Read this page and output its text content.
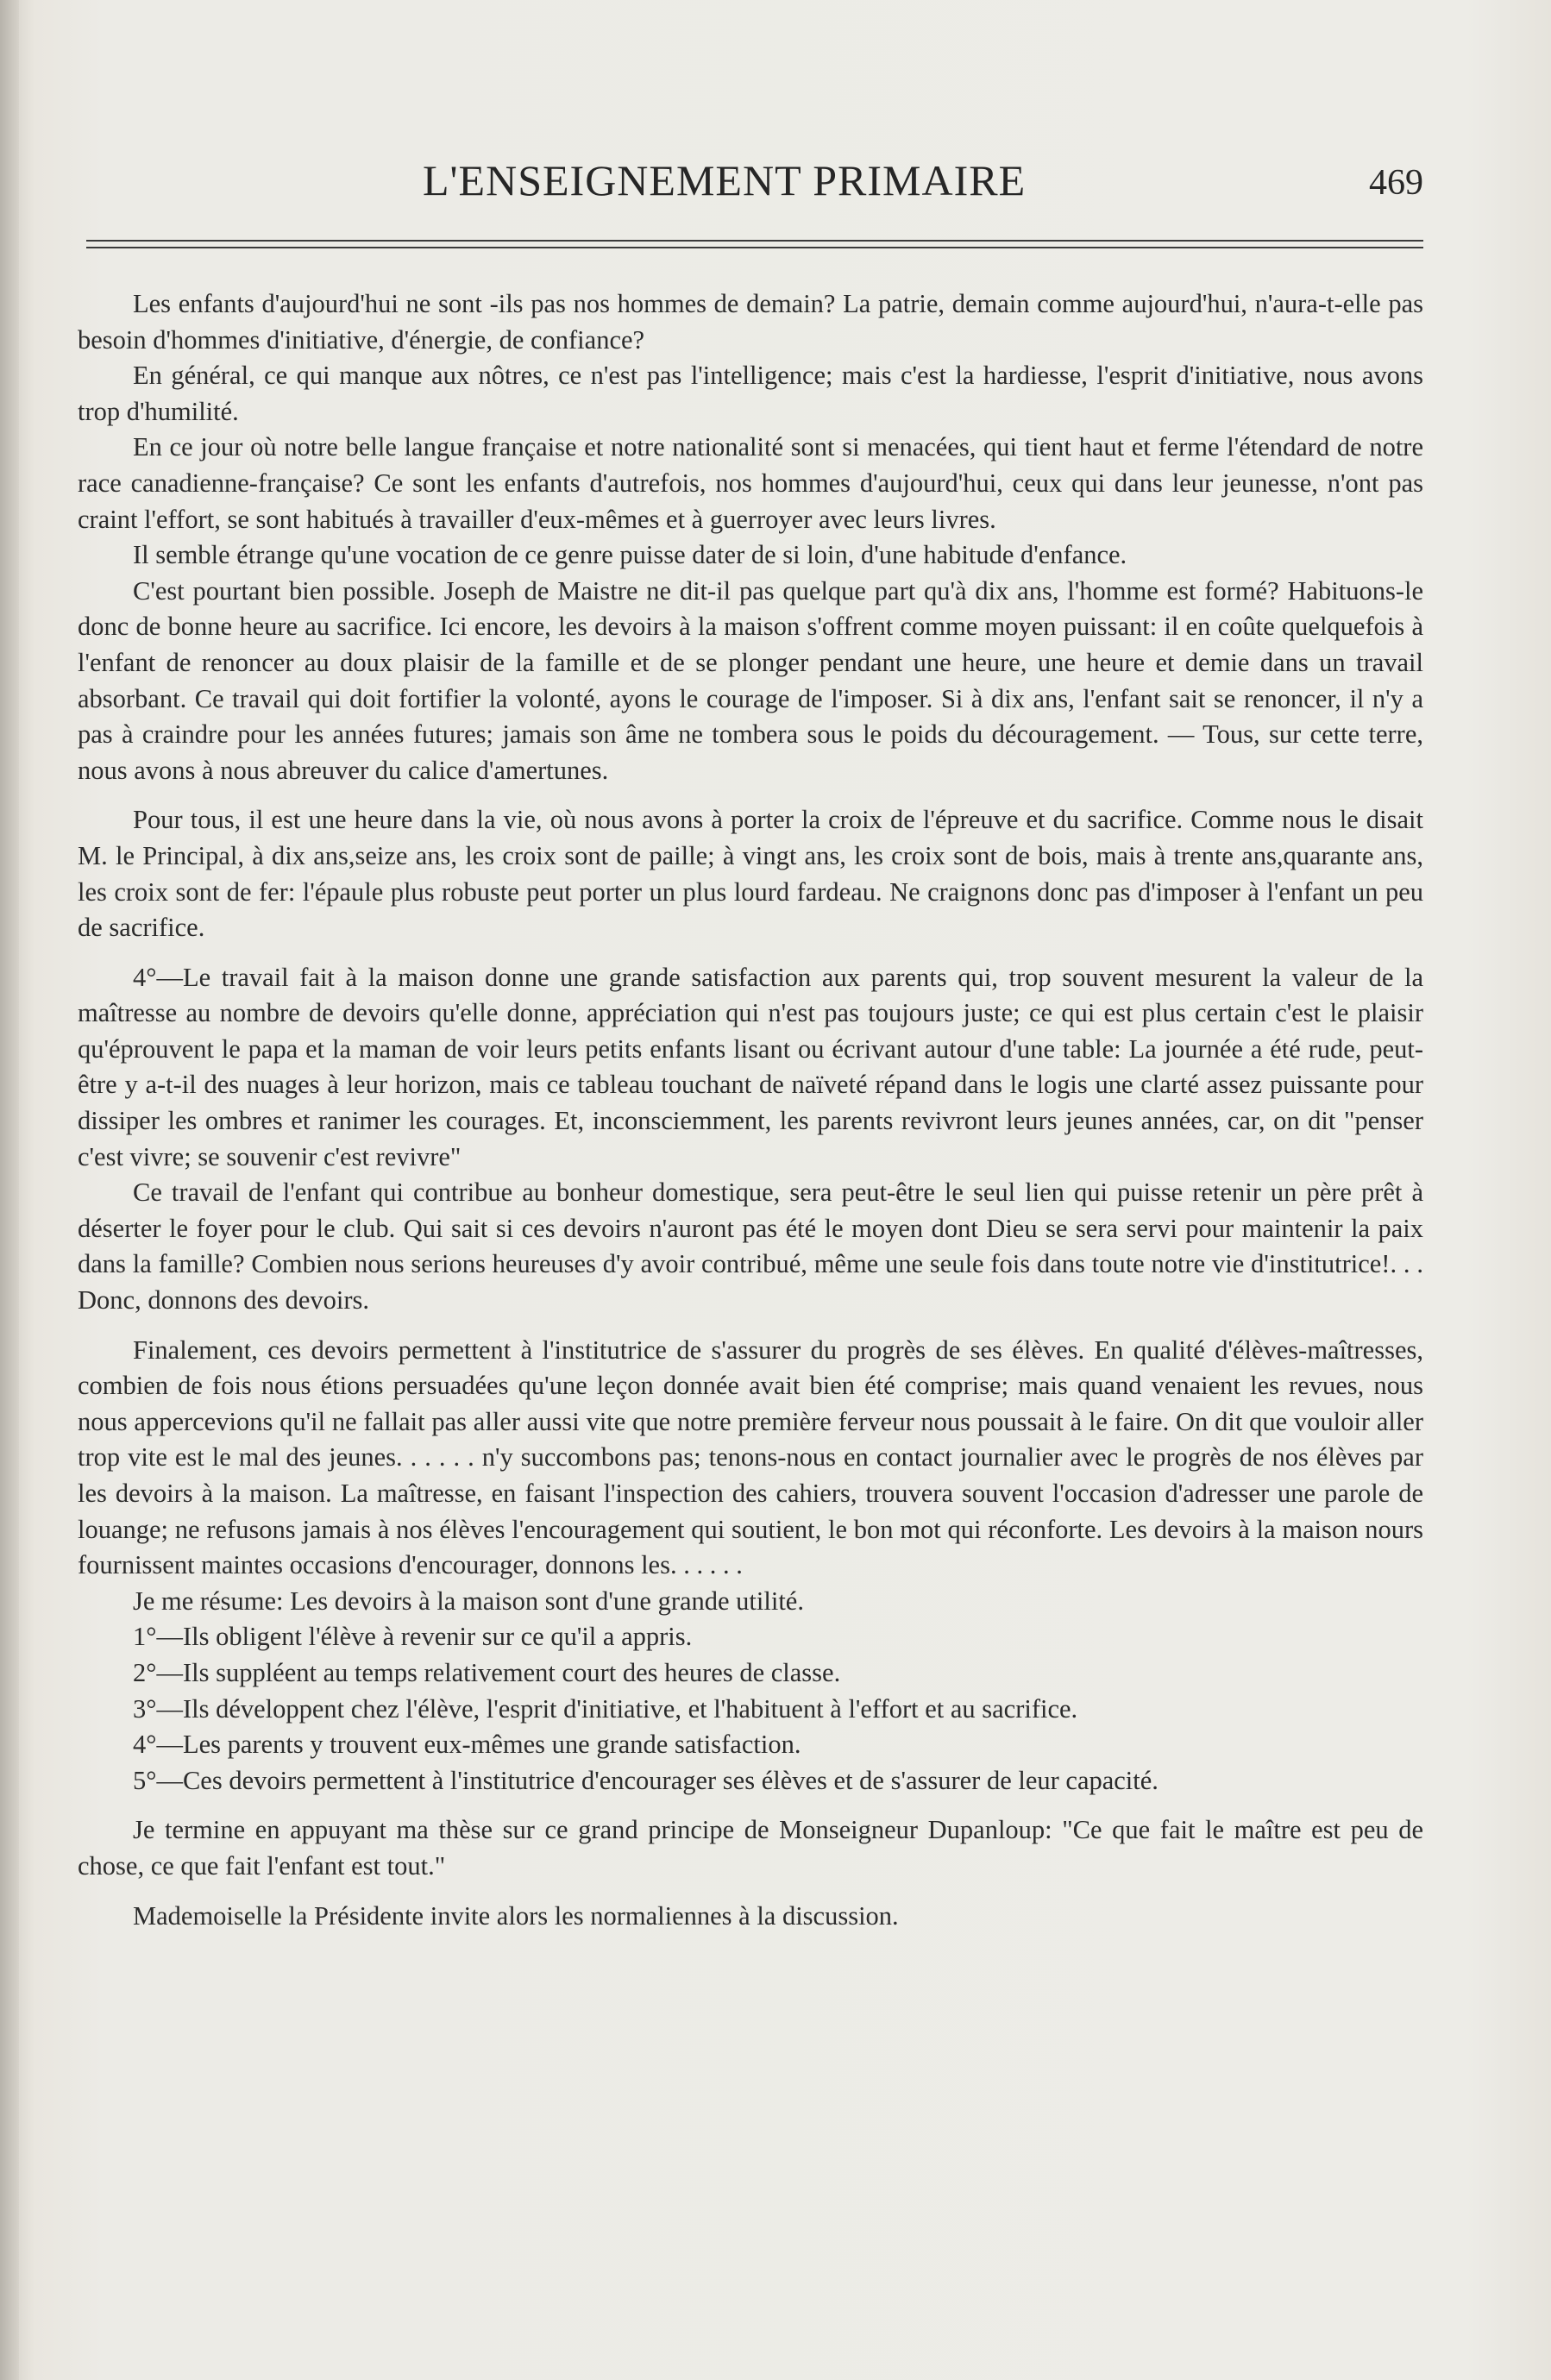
L'ENSEIGNEMENT PRIMAIRE	469

Les enfants d'aujourd'hui ne sont -ils pas nos hommes de demain? La patrie, demain comme aujourd'hui, n'aura-t-elle pas besoin d'hommes d'initiative, d'énergie, de confiance?

En général, ce qui manque aux nôtres, ce n'est pas l'intelligence; mais c'est la hardiesse, l'esprit d'initiative, nous avons trop d'humilité.

En ce jour où notre belle langue française et notre nationalité sont si menacées, qui tient haut et ferme l'étendard de notre race canadienne-française? Ce sont les enfants d'autrefois, nos hommes d'aujourd'hui, ceux qui dans leur jeunesse, n'ont pas craint l'effort, se sont habitués à travailler d'eux-mêmes et à guerroyer avec leurs livres.

Il semble étrange qu'une vocation de ce genre puisse dater de si loin, d'une habitude d'enfance.

C'est pourtant bien possible. Joseph de Maistre ne dit-il pas quelque part qu'à dix ans, l'homme est formé? Habituons-le donc de bonne heure au sacrifice. Ici encore, les devoirs à la maison s'offrent comme moyen puissant: il en coûte quelquefois à l'enfant de renoncer au doux plaisir de la famille et de se plonger pendant une heure, une heure et demie dans un travail absorbant. Ce travail qui doit fortifier la volonté, ayons le courage de l'imposer. Si à dix ans, l'enfant sait se renoncer, il n'y a pas à craindre pour les années futures; jamais son âme ne tombera sous le poids du découragement. — Tous, sur cette terre, nous avons à nous abreuver du calice d'amertunes.

Pour tous, il est une heure dans la vie, où nous avons à porter la croix de l'épreuve et du sacrifice. Comme nous le disait M. le Principal, à dix ans,seize ans, les croix sont de paille; à vingt ans, les croix sont de bois, mais à trente ans,quarante ans, les croix sont de fer: l'épaule plus robuste peut porter un plus lourd fardeau. Ne craignons donc pas d'imposer à l'enfant un peu de sacrifice.

4°—Le travail fait à la maison donne une grande satisfaction aux parents qui, trop souvent mesurent la valeur de la maîtresse au nombre de devoirs qu'elle donne, appréciation qui n'est pas toujours juste; ce qui est plus certain c'est le plaisir qu'éprouvent le papa et la maman de voir leurs petits enfants lisant ou écrivant autour d'une table: La journée a été rude, peut-être y a-t-il des nuages à leur horizon, mais ce tableau touchant de naïveté répand dans le logis une clarté assez puissante pour dissiper les ombres et ranimer les courages. Et, inconsciemment, les parents revivront leurs jeunes années, car, on dit "penser c'est vivre; se souvenir c'est revivre"

Ce travail de l'enfant qui contribue au bonheur domestique, sera peut-être le seul lien qui puisse retenir un père prêt à déserter le foyer pour le club. Qui sait si ces devoirs n'auront pas été le moyen dont Dieu se sera servi pour maintenir la paix dans la famille? Combien nous serions heureuses d'y avoir contribué, même une seule fois dans toute notre vie d'institutrice!. . . Donc, donnons des devoirs.

Finalement, ces devoirs permettent à l'institutrice de s'assurer du progrès de ses élèves. En qualité d'élèves-maîtresses, combien de fois nous étions persuadées qu'une leçon donnée avait bien été comprise; mais quand venaient les revues, nous nous appercevions qu'il ne fallait pas aller aussi vite que notre première ferveur nous poussait à le faire. On dit que vouloir aller trop vite est le mal des jeunes. . . . . . n'y succombons pas; tenons-nous en contact journalier avec le progrès de nos élèves par les devoirs à la maison. La maîtresse, en faisant l'inspection des cahiers, trouvera souvent l'occasion d'adresser une parole de louange; ne refusons jamais à nos élèves l'encouragement qui soutient, le bon mot qui réconforte. Les devoirs à la maison nours fournissent maintes occasions d'encourager, donnons les. . . . . .

Je me résume: Les devoirs à la maison sont d'une grande utilité.

1°—Ils obligent l'élève à revenir sur ce qu'il a appris.

2°—Ils suppléent au temps relativement court des heures de classe.

3°—Ils développent chez l'élève, l'esprit d'initiative, et l'habituent à l'effort et au sacrifice.

4°—Les parents y trouvent eux-mêmes une grande satisfaction.

5°—Ces devoirs permettent à l'institutrice d'encourager ses élèves et de s'assurer de leur capacité.

Je termine en appuyant ma thèse sur ce grand principe de Monseigneur Dupanloup: "Ce que fait le maître est peu de chose, ce que fait l'enfant est tout."

Mademoiselle la Présidente invite alors les normaliennes à la discussion.
